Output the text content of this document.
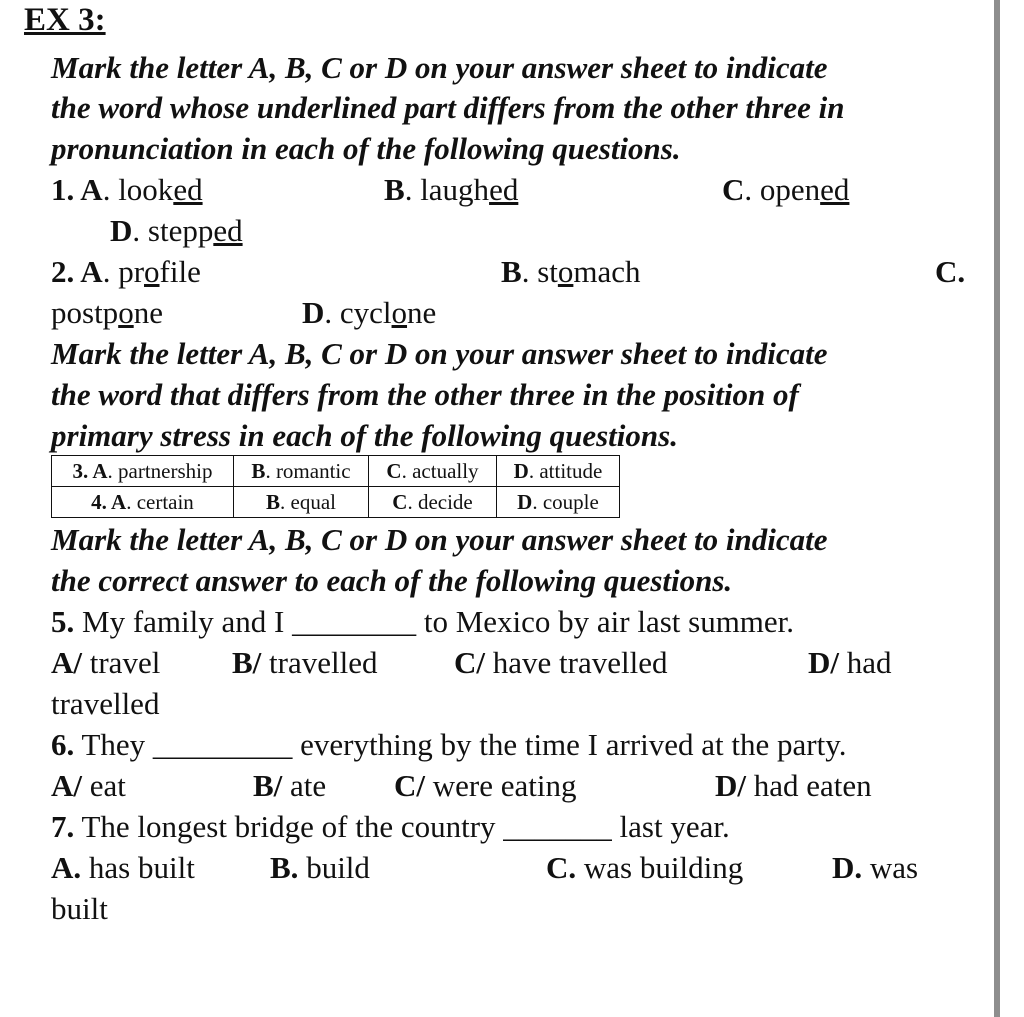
EX 3:
Mark the letter A, B, C or D on your answer sheet to indicate
the word whose underlined part differs from the other three in
pronunciation in each of the following questions.
1. A. looked	B. laughed	C. opened
D. stepped
2. A. profile	B. stomach	C.
postpone	D. cyclone
Mark the letter A, B, C or D on your answer sheet to indicate
the word that differs from the other three in the position of
primary stress in each of the following questions.
3. A. partnership	B. romantic	C. actually	D. attitude
4. A. certain	B. equal	C. decide	D. couple
Mark the letter A, B, C or D on your answer sheet to indicate
the correct answer to each of the following questions.
5. My family and I ________ to Mexico by air last summer.
A/ travel B/ travelled C/ have travelled	D/ had
travelled
6. They _________ everything by the time I arrived at the party.
A/ eat	B/ ate C/ were eating	D/ had eaten
7. The longest bridge of the country _______ last year.
A. has built B. build	C. was building	D. was
built
